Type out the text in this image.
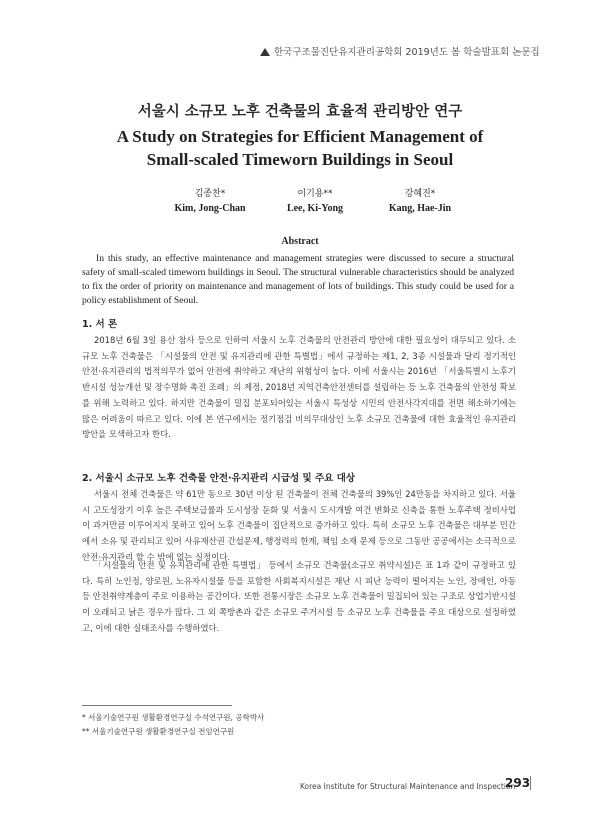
한국구조물진단유지관리공학회 2019년도 봄 학술발표회 논문집
서울시 소규모 노후 건축물의 효율적 관리방안 연구
A Study on Strategies for Efficient Management of
Small-scaled Timeworn Buildings in Seoul
김종찬*
Kim, Jong-Chan
이기용**
Lee, Ki-Yong
강혜진*
Kang, Hae-Jin
Abstract
In this study, an effective maintenance and management strategies were discussed to secure a structural safety of small-scaled timeworn buildings in Seoul. The structural vulnerable characteristics should be analyzed to fix the order of priority on maintenance and management of lots of buildings. This study could be used for a policy establishment of Seoul.
1. 서 론
2018년 6월 3일 용산 참사 등으로 인하여 서울시 노후 건축물의 안전관리 방안에 대한 필요성이 대두되고 있다. 소규모 노후 건축물은 「시설물의 안전 및 유지관리에 관한 특별법」에서 규정하는 제1, 2, 3종 시설물과 달리 정기적인 안전·유지관리의 법적의무가 없어 안전에 취약하고 재난의 위험성이 높다. 이에 서울시는 2016년 「서울특별시 노후기반시설 성능개선 및 장수명화 촉진 조례」의 제정, 2018년 지역건축안전센터를 설립하는 등 노후 건축물의 안전성 확보를 위해 노력하고 있다. 하지만 건축물이 밀집 분포되어있는 서울시 특성상 시민의 안전사각지대를 전면 해소하기에는 많은 어려움이 따르고 있다. 이에 본 연구에서는 정기점검 비의무대상인 노후 소규모 건축물에 대한 효율적인 유지관리 방안을 모색하고자 한다.
2. 서울시 소규모 노후 건축물 안전·유지관리 시급성 및 주요 대상
서울시 전체 건축물은 약 61만 동으로 30년 이상 된 건축물이 전체 건축물의 39%인 24만동을 차지하고 있다. 서울시 고도성장기 이후 높은 주택보급률과 도시성장 둔화 및 서울시 도시개발 여건 변화로 신축을 통한 노후주택 정비사업이 과거만큼 이루어지지 못하고 있어 노후 건축물이 집단적으로 증가하고 있다. 특히 소규모 노후 건축물은 대부분 민간에서 소유 및 관리되고 있어 사유재산권 간섭문제, 행정력의 한계, 책임 소재 문제 등으로 그동안 공공에서는 소극적으로 안전·유지관리 할 수 밖에 없는 실정이다.
「시설물의 안전 및 유지관리에 관한 특별법」 등에서 소규모 건축물(소규모 취약시설)은 표 1과 같이 규정하고 있다. 특히 노인정, 양로원, 노유자시설물 등을 포함한 사회복지시설은 재난 시 피난 능력이 떨어지는 노인, 장애인, 아동 등 안전취약계층이 주로 이용하는 공간이다. 또한 전통시장은 소규모 노후 건축물이 밀집되어 있는 구조로 상업기반시설이 오래되고 낡은 경우가 많다. 그 외 쪽방촌과 같은 소규모 주거시설 등 소규모 노후 건축물을 주요 대상으로 설정하였고, 이에 대한 실태조사를 수행하였다.
* 서울기술연구원 생활환경연구실 수석연구원, 공학박사
** 서울기술연구원 생활환경연구실 전임연구원
Korea Institute for Structural Maintenance and Inspection
293
